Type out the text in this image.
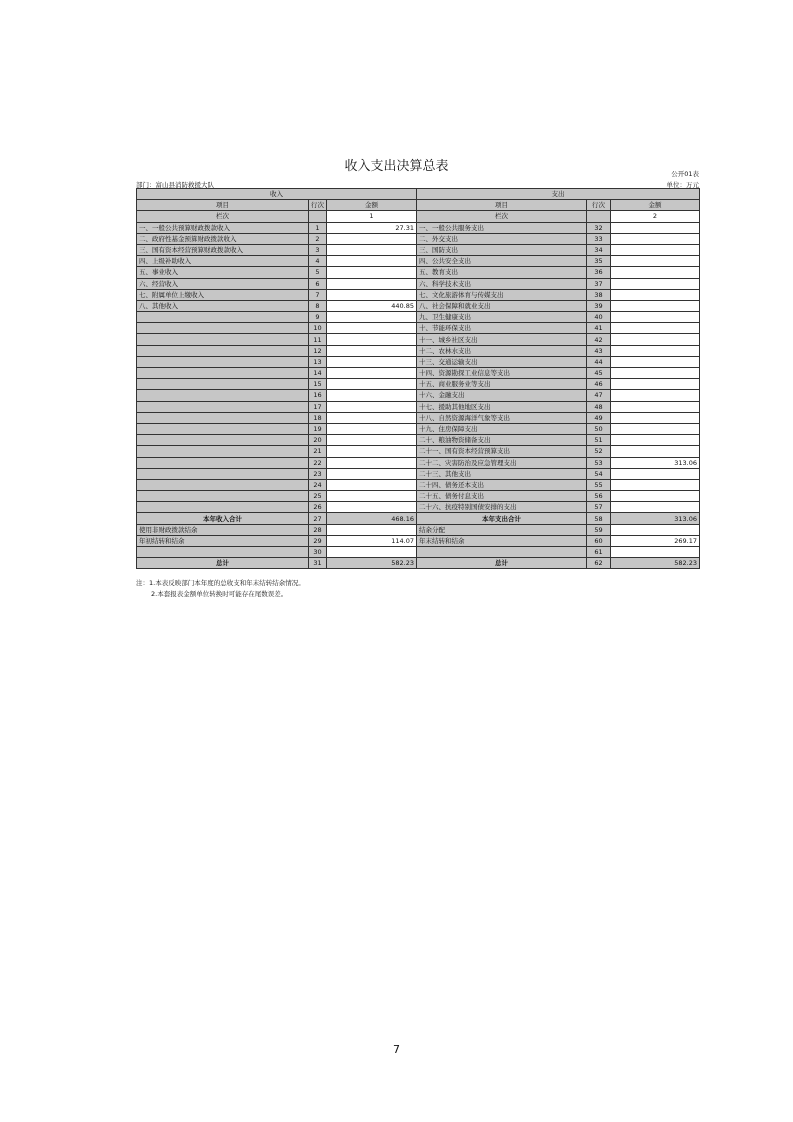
收入支出决算总表	公开01表
部门：富山县消防救援大队	单位：万元
收入			支出		
项目	行次	金额	项目	行次	金额
栏次		1	栏次		2
一、一般公共预算财政拨款收入	1	27.31	一、一般公共服务支出	32	
二、政府性基金预算财政拨款收入	2		二、外交支出	33	
三、国有资本经营预算财政拨款收入	3		三、国防支出	34	
四、上级补助收入	4		四、公共安全支出	35	
五、事业收入	5		五、教育支出	36	
六、经营收入	6		六、科学技术支出	37	
七、附属单位上缴收入	7		七、文化旅游体育与传媒支出	38	
八、其他收入	8	440.85	八、社会保障和就业支出	39	
	9		九、卫生健康支出	40	
	10		十、节能环保支出	41	
	11		十一、城乡社区支出	42	
	12		十二、农林水支出	43	
	13		十三、交通运输支出	44	
	14		十四、资源勘探工业信息等支出	45	
	15		十五、商业服务业等支出	46	
	16		十六、金融支出	47	
	17		十七、援助其他地区支出	48	
	18		十八、自然资源海洋气象等支出	49	
	19		十九、住房保障支出	50	
	20		二十、粮油物资储备支出	51	
	21		二十一、国有资本经营预算支出	52	
	22		二十二、灾害防治及应急管理支出	53	313.06
	23		二十三、其他支出	54	
	24		二十四、债务还本支出	55	
	25		二十五、债务付息支出	56	
	26		二十六、抗疫特别国债安排的支出	57	
本年收入合计	27	468.16	本年支出合计	58	313.06
使用非财政拨款结余	28		结余分配	59	
年初结转和结余	29	114.07	年末结转和结余	60	269.17
	30			61	
总计	31	582.23	总计	62	582.23
注：1.本表反映部门本年度的总收支和年末结转结余情况。
2.本套报表金额单位转换时可能存在尾数误差。
7
